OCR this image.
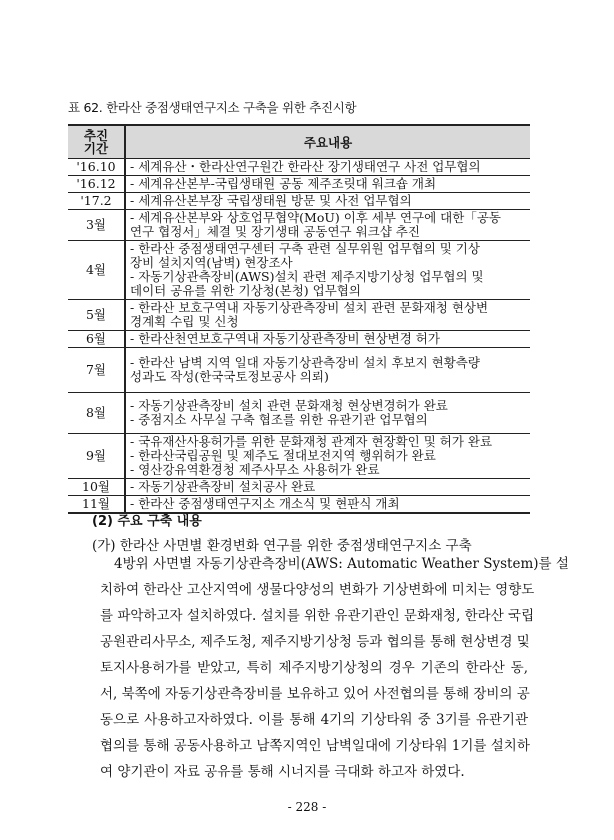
표 62. 한라산 중점생태연구지소 구축을 위한 추진시항
추진
기간	주요내용
'16.10	- 세계유산・한라산연구원간 한라산 장기생태연구 사전 업무협의

'16.12	- 세계유산본부-국립생태원 공동 제주조릿대 워크숍 개최

'17.2	- 세계유산본부장 국립생태원 방문 및 사전 업무협의

3월	- 세계유산본부와 상호업무협약(MoU) 이후 세부 연구에 대한「공동
연구 협정서」체결 및 장기생태 공동연구 워크샵 추진

4월	- 한라산 중점생태연구센터 구축 관련 실무위원 업무협의 및 기상
장비 설치지역(남벽) 현장조사
- 자동기상관측장비(AWS)설치 관련 제주지방기상청 업무협의 및
데이터 공유를 위한 기상청(본청) 업무협의

5월	- 한라산 보호구역내 자동기상관측장비 설치 관련 문화재청 현상변
경계획 수립 및 신청

6월	- 한라산천연보호구역내 자동기상관측장비 현상변경 허가

7월	- 한라산 남벽 지역 일대 자동기상관측장비 설치 후보지 현황측량
성과도 작성(한국국토정보공사 의뢰)

8월	- 자동기상관측장비 설치 관련 문화재청 현상변경허가 완료
- 중점지소 사무실 구축 협조를 위한 유관기관 업무협의

9월	- 국유재산사용허가를 위한 문화재청 관계자 현장확인 및 허가 완료
- 한라산국립공원 및 제주도 절대보전지역 행위허가 완료
- 영산강유역환경청 제주사무소 사용허가 완료

10월	- 자동기상관측장비 설치공사 완료

11월	- 한라산 중점생태연구지소 개소식 및 현판식 개최
(2) 주요 구축 내용
(가) 한라산 사면별 환경변화 연구를 위한 중점생태연구지소 구축
4방위 사면별 자동기상관측장비(AWS: Automatic Weather System)를 설
치하여 한라산 고산지역에 생물다양성의 변화가 기상변화에 미치는 영향도
를 파악하고자 설치하였다. 설치를 위한 유관기관인 문화재청, 한라산 국립
공원관리사무소, 제주도청, 제주지방기상청 등과 협의를 통해 현상변경 및
토지사용허가를 받았고, 특히 제주지방기상청의 경우 기존의 한라산 동,
서, 북쪽에 자동기상관측장비를 보유하고 있어 사전협의를 통해 장비의 공
동으로 사용하고자하였다. 이를 통해 4기의 기상타워 중 3기를 유관기관
협의를 통해 공동사용하고 남쪽지역인 남벽일대에 기상타워 1기를 설치하
여 양기관이 자료 공유를 통해 시너지를 극대화 하고자 하였다.
- 228 -
